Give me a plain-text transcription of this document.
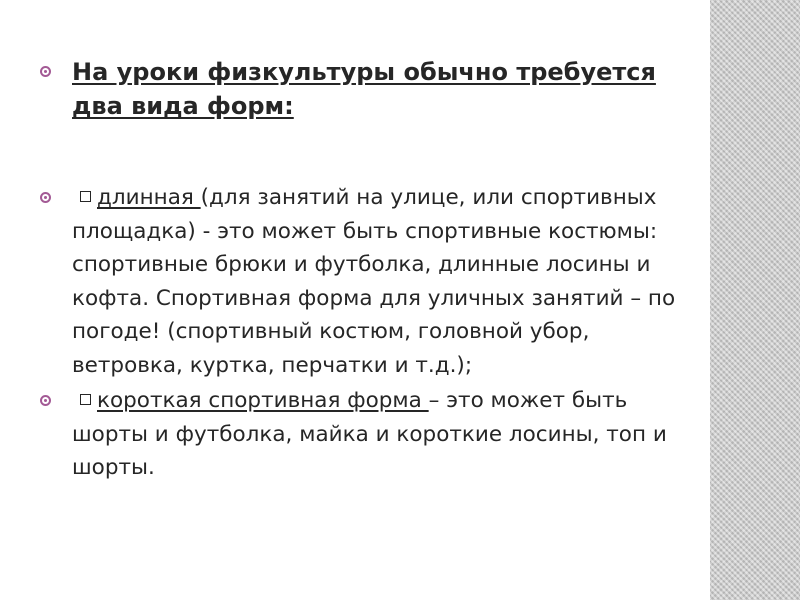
На уроки физкультуры обычно требуется два вида форм:
длинная (для занятий на улице, или спортивных площадка) - это может быть спортивные костюмы: спортивные брюки и футболка, длинные лосины и кофта. Спортивная форма для уличных занятий – по погоде! (спортивный костюм, головной убор, ветровка, куртка, перчатки и т.д.);
короткая спортивная форма – это может быть шорты и футболка, майка и короткие лосины, топ и шорты.
